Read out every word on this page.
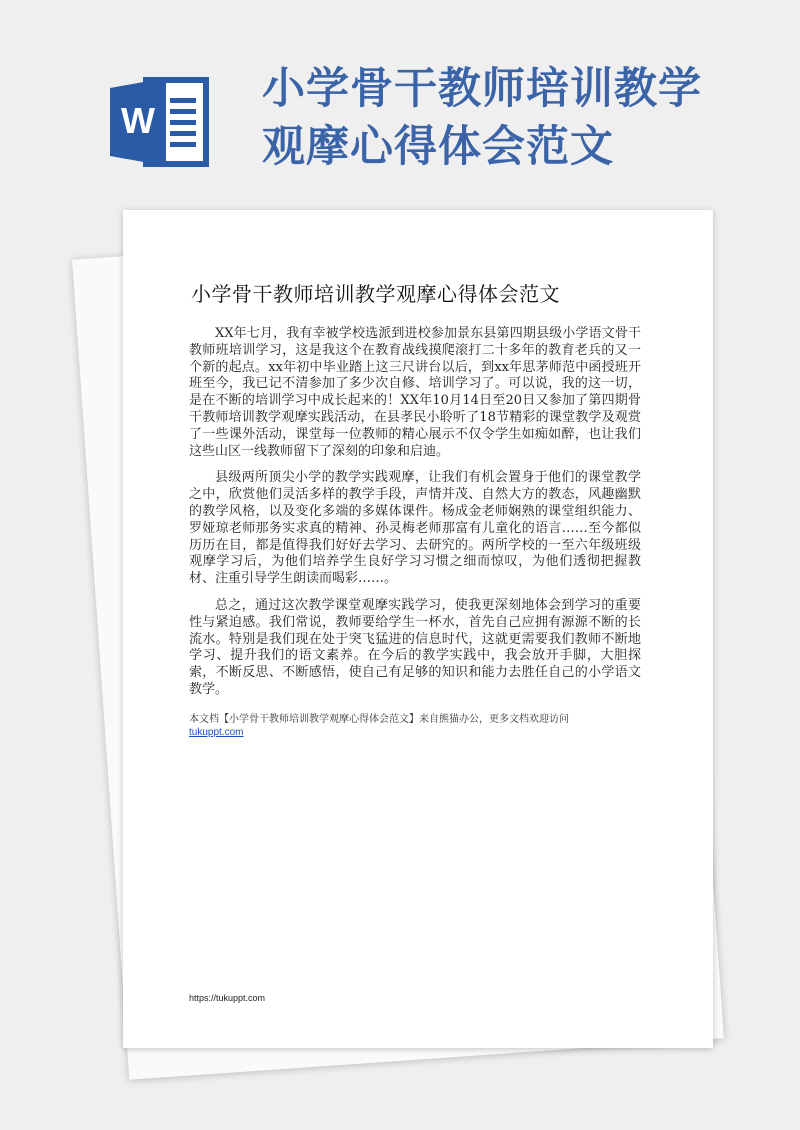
W
小学骨干教师培训教学
观摩心得体会范文
小学骨干教师培训教学观摩心得体会范文

XX年七月，我有幸被学校选派到进校参加景东县第四期县级小学语文骨干教师班培训学习，这是我这个在教育战线摸爬滚打二十多年的教育老兵的又一个新的起点。xx年初中毕业踏上这三尺讲台以后，到xx年思茅师范中函授班开班至今，我已记不清参加了多少次自修、培训学习了。可以说，我的这一切，是在不断的培训学习中成长起来的！XX年10月14日至20日又参加了第四期骨干教师培训教学观摩实践活动，在县孝民小聆听了18节精彩的课堂教学及观赏了一些课外活动，课堂每一位教师的精心展示不仅令学生如痴如醉，也让我们这些山区一线教师留下了深刻的印象和启迪。

县级两所顶尖小学的教学实践观摩，让我们有机会置身于他们的课堂教学之中，欣赏他们灵活多样的教学手段，声情并茂、自然大方的教态，风趣幽默的教学风格，以及变化多端的多媒体课件。杨成金老师娴熟的课堂组织能力、罗娅琼老师那务实求真的精神、孙灵梅老师那富有儿童化的语言……至今都似历历在目，都是值得我们好好去学习、去研究的。两所学校的一至六年级班级观摩学习后，为他们培养学生良好学习习惯之细而惊叹，为他们透彻把握教材、注重引导学生朗读而喝彩……。

总之，通过这次教学课堂观摩实践学习，使我更深刻地体会到学习的重要性与紧迫感。我们常说，教师要给学生一杯水，首先自己应拥有源源不断的长流水。特别是我们现在处于突飞猛进的信息时代，这就更需要我们教师不断地学习、提升我们的语文素养。在今后的教学实践中，我会放开手脚，大胆探索，不断反思、不断感悟，使自己有足够的知识和能力去胜任自己的小学语文教学。

本文档【小学骨干教师培训教学观摩心得体会范文】来自熊猫办公，更多文档欢迎访问
tukuppt.com
https://tukuppt.com
